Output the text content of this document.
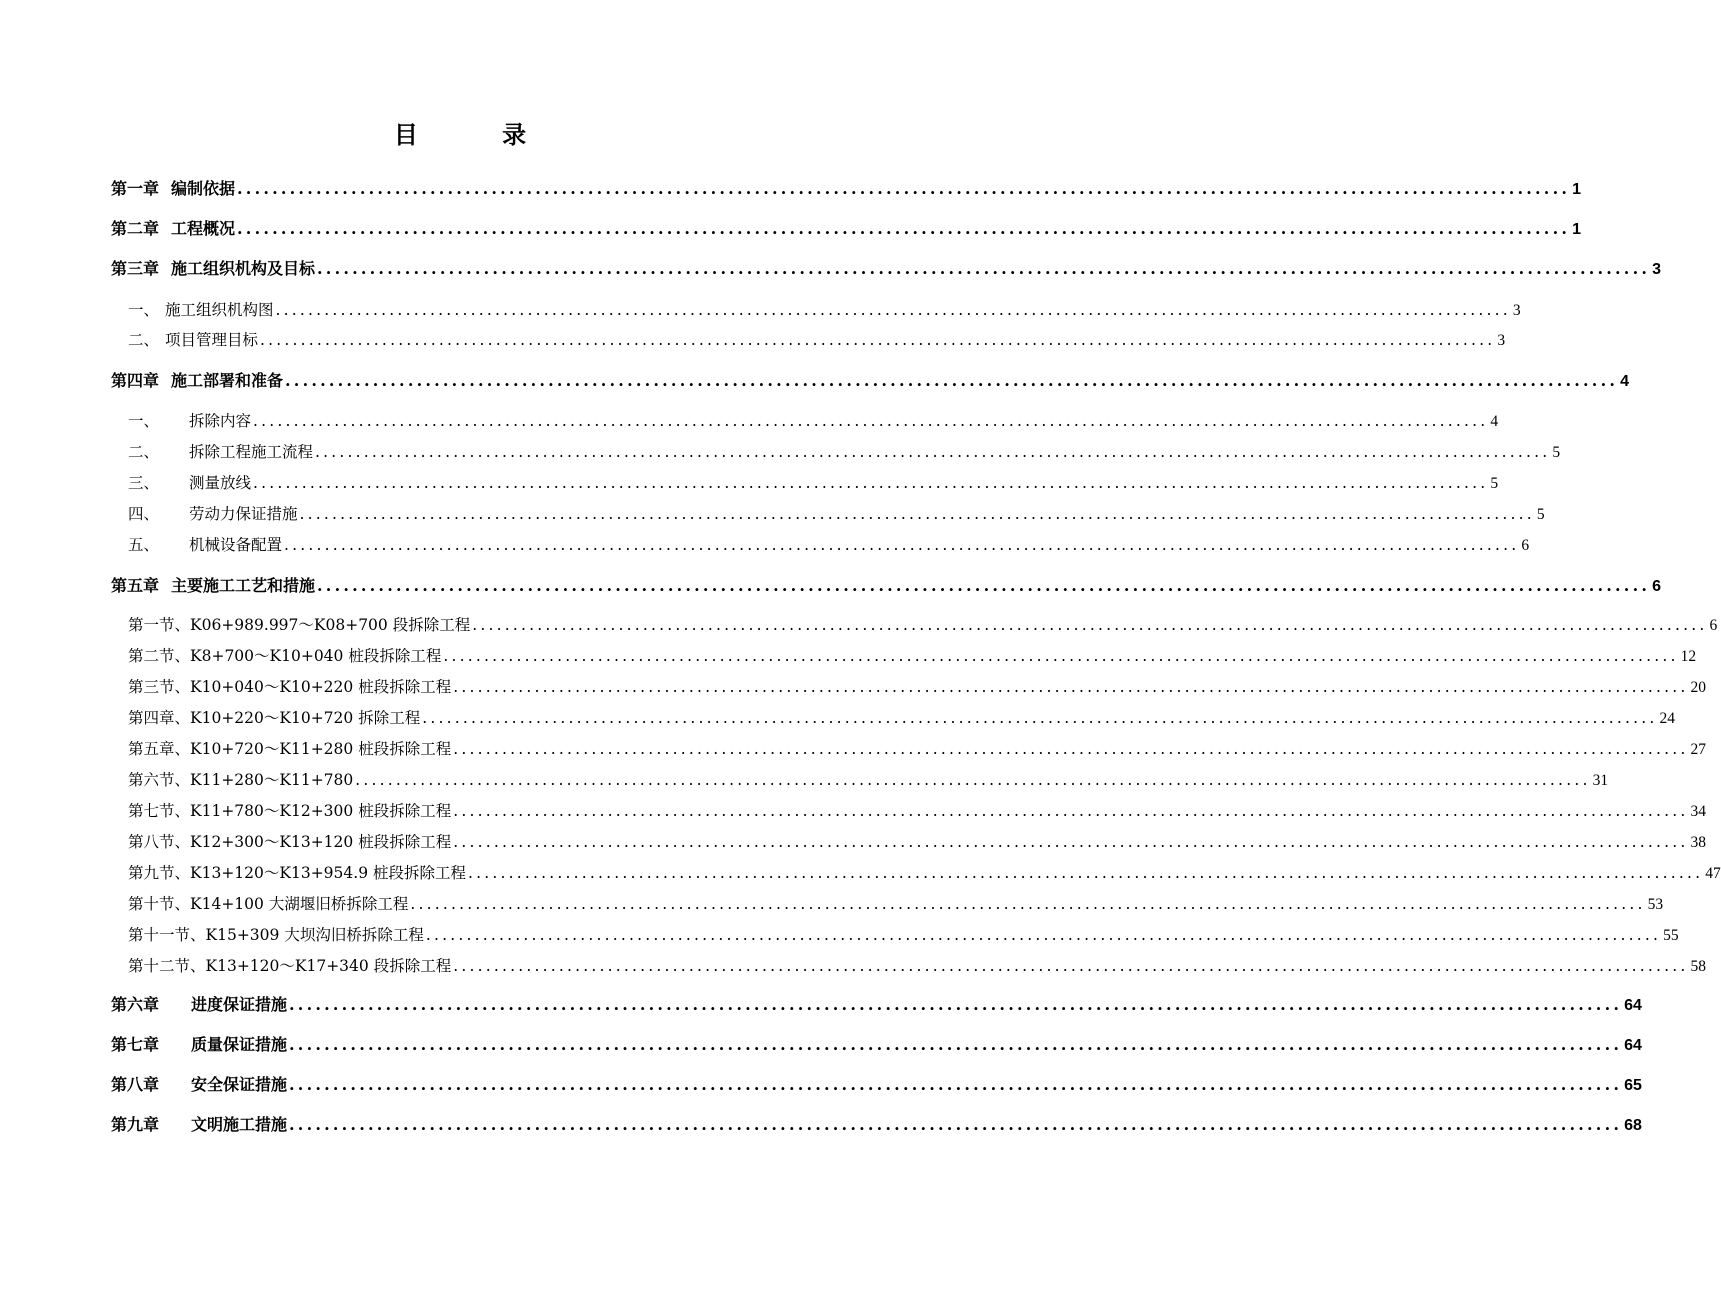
目 录
第一章 编制依据 ........................................................................................................................................................ 1
第二章 工程概况 ........................................................................................................................................................ 1
第三章 施工组织机构及目标 ........................................................................................................................................................ 3
一、 施工组织机构图 ........................................................................................................................................................ 3
二、 项目管理目标 ........................................................................................................................................................ 3
第四章 施工部署和准备 ........................................................................................................................................................ 4
一、 拆除内容 ........................................................................................................................................................ 4
二、 拆除工程施工流程 ........................................................................................................................................................ 5
三、 测量放线 ........................................................................................................................................................ 5
四、 劳动力保证措施 ........................................................................................................................................................ 5
五、 机械设备配置 ........................................................................................................................................................ 6
第五章 主要施工工艺和措施 ........................................................................................................................................................ 6
第一节、K06+989.997～K08+700 段拆除工程 ........................................................................................................................................................ 6
第二节、K8+700～K10+040 桩段拆除工程 ........................................................................................................................................................ 12
第三节、K10+040～K10+220 桩段拆除工程 ........................................................................................................................................................ 20
第四章、K10+220～K10+720 拆除工程 ........................................................................................................................................................ 24
第五章、K10+720～K11+280 桩段拆除工程 ........................................................................................................................................................ 27
第六节、K11+280～K11+780 ........................................................................................................................................................ 31
第七节、K11+780～K12+300 桩段拆除工程 ........................................................................................................................................................ 34
第八节、K12+300～K13+120 桩段拆除工程 ........................................................................................................................................................ 38
第九节、K13+120～K13+954.9 桩段拆除工程 ........................................................................................................................................................ 47
第十节、K14+100 大湖堰旧桥拆除工程 ........................................................................................................................................................ 53
第十一节、K15+309 大坝沟旧桥拆除工程 ........................................................................................................................................................ 55
第十二节、K13+120～K17+340 段拆除工程 ........................................................................................................................................................ 58
第六章 进度保证措施 ........................................................................................................................................................ 64
第七章 质量保证措施 ........................................................................................................................................................ 64
第八章 安全保证措施 ........................................................................................................................................................ 65
第九章 文明施工措施 ........................................................................................................................................................ 68
